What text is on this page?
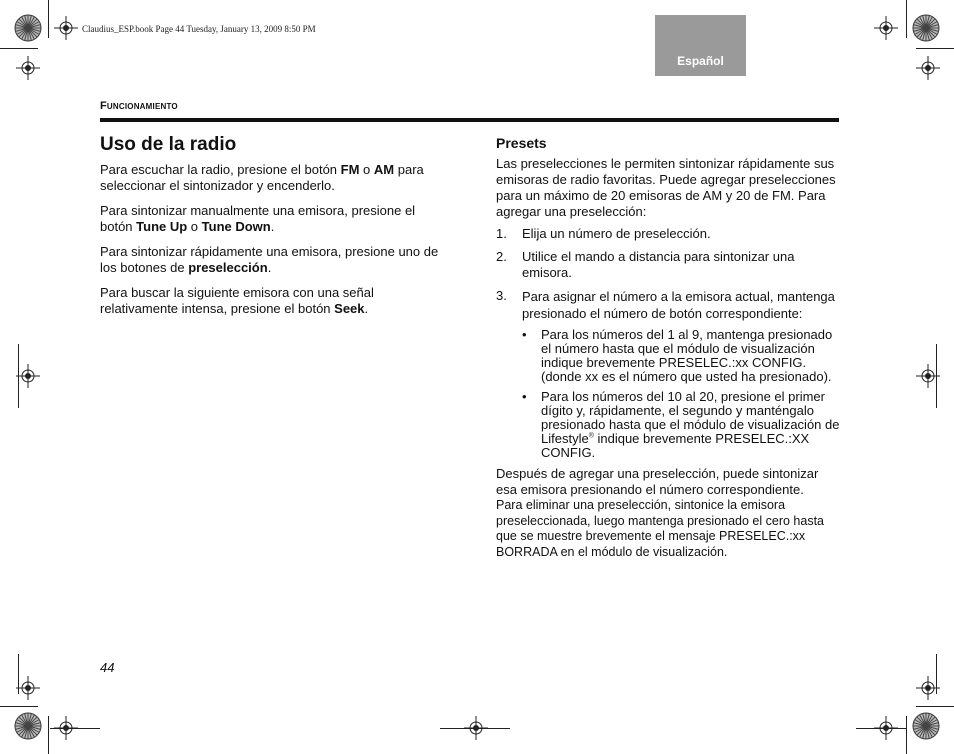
Claudius_ESP.book Page 44 Tuesday, January 13, 2009 8:50 PM
Español
Funcionamiento
Uso de la radio

Para escuchar la radio, presione el botón FM o AM para seleccionar el sintonizador y encenderlo.

Para sintonizar manualmente una emisora, presione el botón Tune Up o Tune Down.

Para sintonizar rápidamente una emisora, presione uno de los botones de preselección.

Para buscar la siguiente emisora con una señal relativamente intensa, presione el botón Seek.

Presets

Las preselecciones le permiten sintonizar rápidamente sus emisoras de radio favoritas. Puede agregar preselecciones para un máximo de 20 emisoras de AM y 20 de FM. Para agregar una preselección:

1. Elija un número de preselección.
2. Utilice el mando a distancia para sintonizar una emisora.
3. Para asignar el número a la emisora actual, mantenga presionado el número de botón correspondiente:
• Para los números del 1 al 9, mantenga presionado el número hasta que el módulo de visualización indique brevemente PRESELEC.:xx CONFIG.(donde xx es el número que usted ha presionado).
• Para los números del 10 al 20, presione el primer dígito y, rápidamente, el segundo y manténgalo presionado hasta que el módulo de visualización de Lifestyle® indique brevemente PRESELEC.:XX CONFIG.

Después de agregar una preselección, puede sintonizar esa emisora presionando el número correspondiente.

Para eliminar una preselección, sintonice la emisora preseleccionada, luego mantenga presionado el cero hasta que se muestre brevemente el mensaje PRESELEC.:xx BORRADA en el módulo de visualización.

44
